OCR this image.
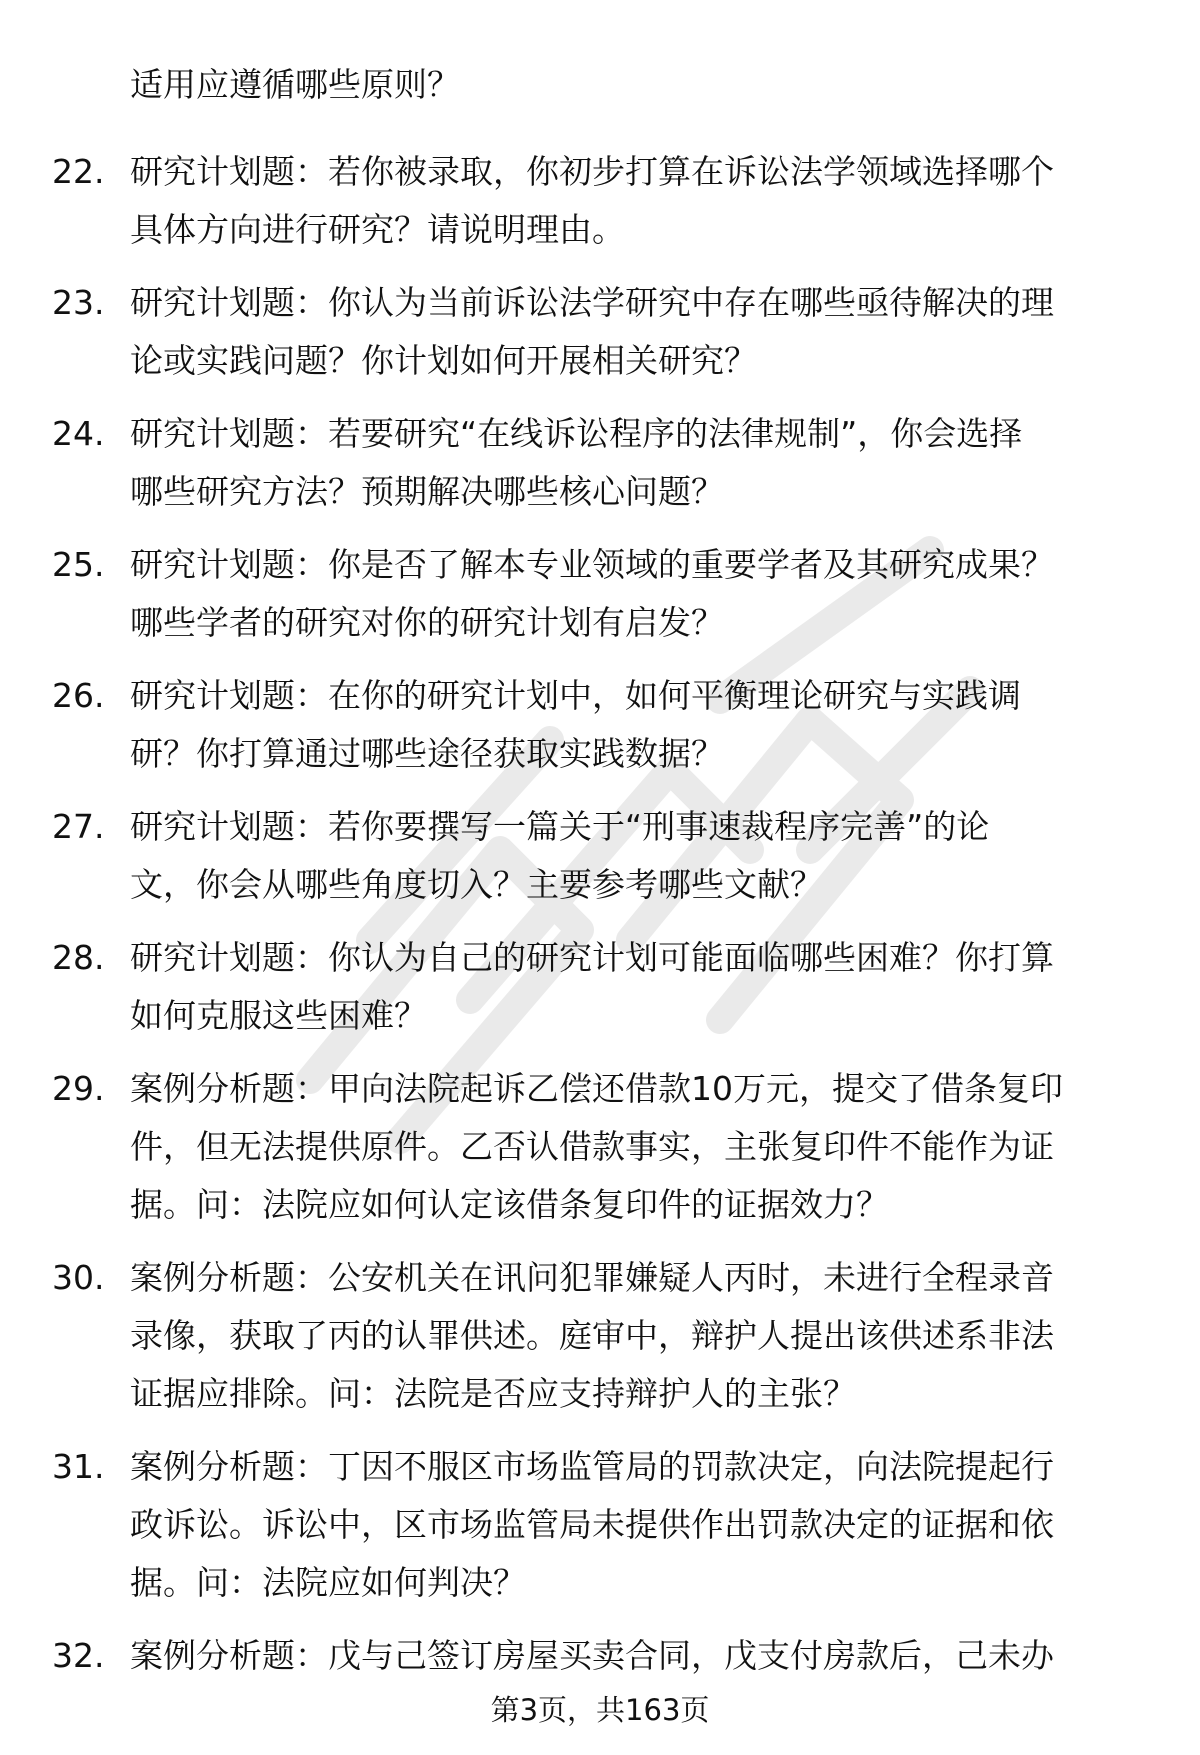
适用应遵循哪些原则？
22. 研究计划题：若你被录取，你初步打算在诉讼法学领域选择哪个
具体方向进行研究？请说明理由。
23. 研究计划题：你认为当前诉讼法学研究中存在哪些亟待解决的理
论或实践问题？你计划如何开展相关研究？
24. 研究计划题：若要研究“在线诉讼程序的法律规制”，你会选择
哪些研究方法？预期解决哪些核心问题？
25. 研究计划题：你是否了解本专业领域的重要学者及其研究成果？
哪些学者的研究对你的研究计划有启发？
26. 研究计划题：在你的研究计划中，如何平衡理论研究与实践调
研？你打算通过哪些途径获取实践数据？
27. 研究计划题：若你要撰写一篇关于“刑事速裁程序完善”的论
文，你会从哪些角度切入？主要参考哪些文献？
28. 研究计划题：你认为自己的研究计划可能面临哪些困难？你打算
如何克服这些困难？
29. 案例分析题：甲向法院起诉乙偿还借款10万元，提交了借条复印
件，但无法提供原件。乙否认借款事实，主张复印件不能作为证
据。问：法院应如何认定该借条复印件的证据效力？
30. 案例分析题：公安机关在讯问犯罪嫌疑人丙时，未进行全程录音
录像，获取了丙的认罪供述。庭审中，辩护人提出该供述系非法
证据应排除。问：法院是否应支持辩护人的主张？
31. 案例分析题：丁因不服区市场监管局的罚款决定，向法院提起行
政诉讼。诉讼中，区市场监管局未提供作出罚款决定的证据和依
据。问：法院应如何判决？
32. 案例分析题：戊与己签订房屋买卖合同，戊支付房款后，己未办
第3页，共163页
